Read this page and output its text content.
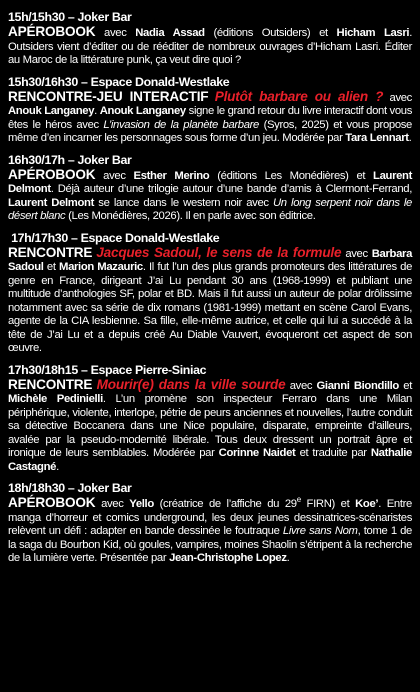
15h/15h30 – Joker Bar
APÉROBOOK avec Nadia Assad (éditions Outsiders) et Hicham Lasri. Outsiders vient d’éditer ou de rééditer de nombreux ouvrages d’Hicham Lasri. Éditer au Maroc de la littérature punk, ça veut dire quoi ?
15h30/16h30 – Espace Donald-Westlake
RENCONTRE-JEU INTERACTIF Plutôt barbare ou alien ? avec Anouk Langaney. Anouk Langaney signe le grand retour du livre interactif dont vous êtes le héros avec L’invasion de la planète barbare (Syros, 2025) et vous propose même d’en incarner les personnages sous forme d’un jeu. Modérée par Tara Lennart.
16h30/17h – Joker Bar
APÉROBOOK avec Esther Merino (éditions Les Monédières) et Laurent Delmont. Déjà auteur d’une trilogie autour d’une bande d’amis à Clermont-Ferrand, Laurent Delmont se lance dans le western noir avec Un long serpent noir dans le désert blanc (Les Monédières, 2026). Il en parle avec son éditrice.
17h/17h30 – Espace Donald-Westlake
RENCONTRE Jacques Sadoul, le sens de la formule avec Barbara Sadoul et Marion Mazauric. Il fut l’un des plus grands promoteurs des littératures de genre en France, dirigeant J’ai Lu pendant 30 ans (1968-1999) et publiant une multitude d’anthologies SF, polar et BD. Mais il fut aussi un auteur de polar drôlissime notamment avec sa série de dix romans (1981-1999) mettant en scène Carol Evans, agente de la CIA lesbienne. Sa fille, elle-même autrice, et celle qui lui a succédé à la tête de J’ai Lu et a depuis créé Au Diable Vauvert, évoqueront cet aspect de son œuvre.
17h30/18h15 – Espace Pierre-Siniac
RENCONTRE Mourir(e) dans la ville sourde avec Gianni Biondillo et Michèle Pedinielli. L’un promène son inspecteur Ferraro dans une Milan périphérique, violente, interlope, pétrie de peurs anciennes et nouvelles, l’autre conduit sa détective Boccanera dans une Nice populaire, disparate, empreinte d’ailleurs, avalée par la pseudo-modernité libérale. Tous deux dressent un portrait âpre et ironique de leurs semblables. Modérée par Corinne Naidet et traduite par Nathalie Castagné.
18h/18h30 – Joker Bar
APÉROBOOK avec Yello (créatrice de l’affiche du 29e FIRN) et Koe’. Entre manga d’horreur et comics underground, les deux jeunes dessinatrices-scénaristes relèvent un défi : adapter en bande dessinée le foutraque Livre sans Nom, tome 1 de la saga du Bourbon Kid, où goules, vampires, moines Shaolin s’étripent à la recherche de la lumière verte. Présentée par Jean-Christophe Lopez.
